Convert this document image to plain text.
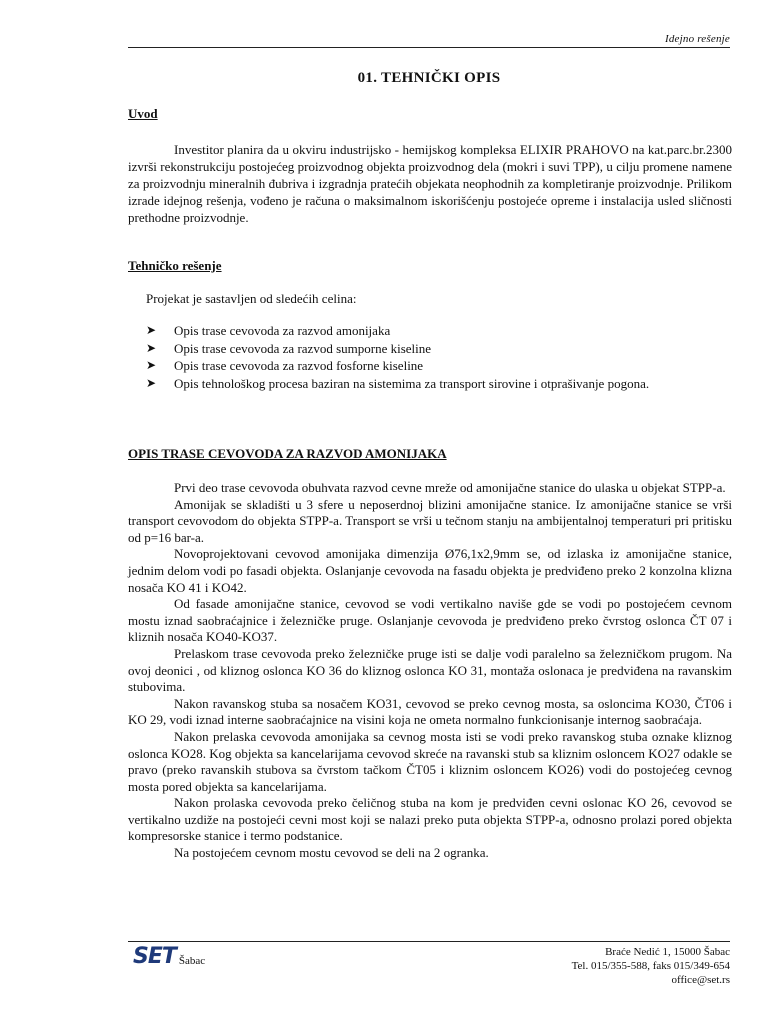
Idejno rešenje
01. TEHNIČKI OPIS
Uvod
Investitor planira da u okviru industrijsko - hemijskog kompleksa ELIXIR PRAHOVO na kat.parc.br.2300 izvrši rekonstrukciju postojećeg proizvodnog objekta proizvodnog dela (mokri i suvi TPP), u cilju promene namene za proizvodnju mineralnih đubriva i izgradnja pratećih objekata neophodnih za kompletiranje proizvodnje. Prilikom izrade idejnog rešenja, vođeno je računa o maksimalnom iskorišćenju postojeće opreme i instalacija usled sličnosti prethodne proizvodnje.
Tehničko rešenje
Projekat je sastavljen od sledećih celina:
➤ Opis trase cevovoda za razvod amonijaka
➤ Opis trase cevovoda za razvod sumporne kiseline
➤ Opis trase cevovoda za razvod fosforne kiseline
➤ Opis tehnološkog procesa baziran na sistemima za transport sirovine i otprašivanje pogona.
OPIS TRASE CEVOVODA ZA RAZVOD AMONIJAKA

Prvi deo trase cevovoda obuhvata razvod cevne mreže od amonijačne stanice do ulaska u objekat STPP-a.

Amonijak se skladišti u 3 sfere u neposerdnoj blizini amonijačne stanice. Iz amonijačne stanice se vrši transport cevovodom do objekta STPP-a. Transport se vrši u tečnom stanju na ambijentalnoj temperaturi pri pritisku od p=16 bar-a.

Novoprojektovani cevovod amonijaka dimenzija Ø76,1x2,9mm se, od izlaska iz amonijačne stanice, jednim delom vodi po fasadi objekta. Oslanjanje cevovoda na fasadu objekta je predviđeno preko 2 konzolna klizna nosača KO 41 i KO42.

Od fasade amonijačne stanice, cevovod se vodi vertikalno naviše gde se vodi po postojećem cevnom mostu iznad saobraćajnice i železničke pruge. Oslanjanje cevovoda je predviđeno preko čvrstog oslonca ČT 07 i kliznih nosača KO40-KO37.

Prelaskom trase cevovoda preko železničke pruge isti se dalje vodi paralelno sa železničkom prugom. Na ovoj deonici , od kliznog oslonca KO 36 do kliznog oslonca KO 31, montaža oslonaca je predviđena na ravanskim stubovima.

Nakon ravanskog stuba sa nosačem KO31, cevovod se preko cevnog mosta, sa osloncima KO30, ČT06 i KO 29, vodi iznad interne saobraćajnice na visini koja ne ometa normalno funkcionisanje internog saobraćaja.

Nakon prelaska cevovoda amonijaka sa cevnog mosta isti se vodi preko ravanskog stuba oznake kliznog oslonca KO28. Kog objekta sa kancelarijama cevovod skreće na ravanski stub sa kliznim osloncem KO27 odakle se pravo (preko ravanskih stubova sa čvrstom tačkom ČT05 i kliznim osloncem KO26) vodi do postojećeg cevnog mosta pored objekta sa kancelarijama.

Nakon prolaska cevovoda preko čeličnog stuba na kom je predviđen cevni oslonac KO 26, cevovod se vertikalno uzdiže na postojeći cevni most koji se nalazi preko puta objekta STPP-a, odnosno prolazi pored objekta kompresorske stanice i termo podstanice.

Na postojećem cevnom mostu cevovod se deli na 2 ogranka.

SET Šabac
Braće Nedić 1, 15000 Šabac
Tel. 015/355-588, faks 015/349-654
office@set.rs
